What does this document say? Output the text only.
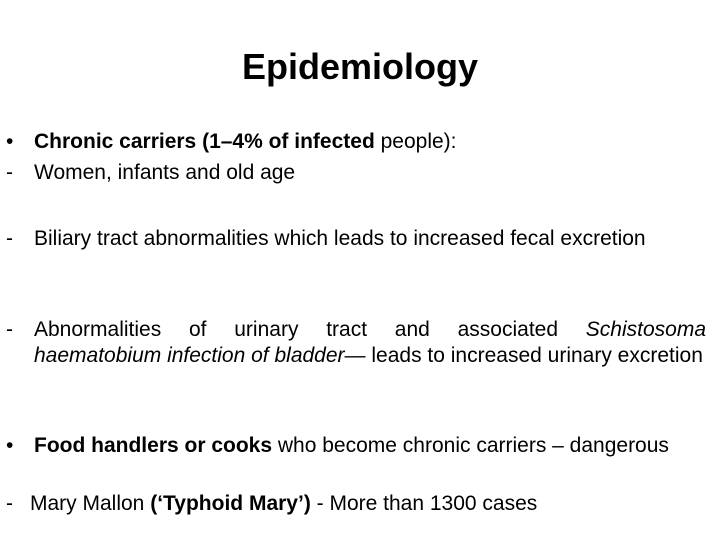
Epidemiology
• Chronic carriers (1–4% of infected people):
-	Women, infants and old age
-	Biliary tract abnormalities which leads to increased fecal excretion
-	Abnormalities of urinary tract and associated Schistosoma haematobium infection of bladder— leads to increased urinary excretion
• Food handlers or cooks who become chronic carriers – dangerous
- Mary Mallon (‘Typhoid Mary’) - More than 1300 cases
